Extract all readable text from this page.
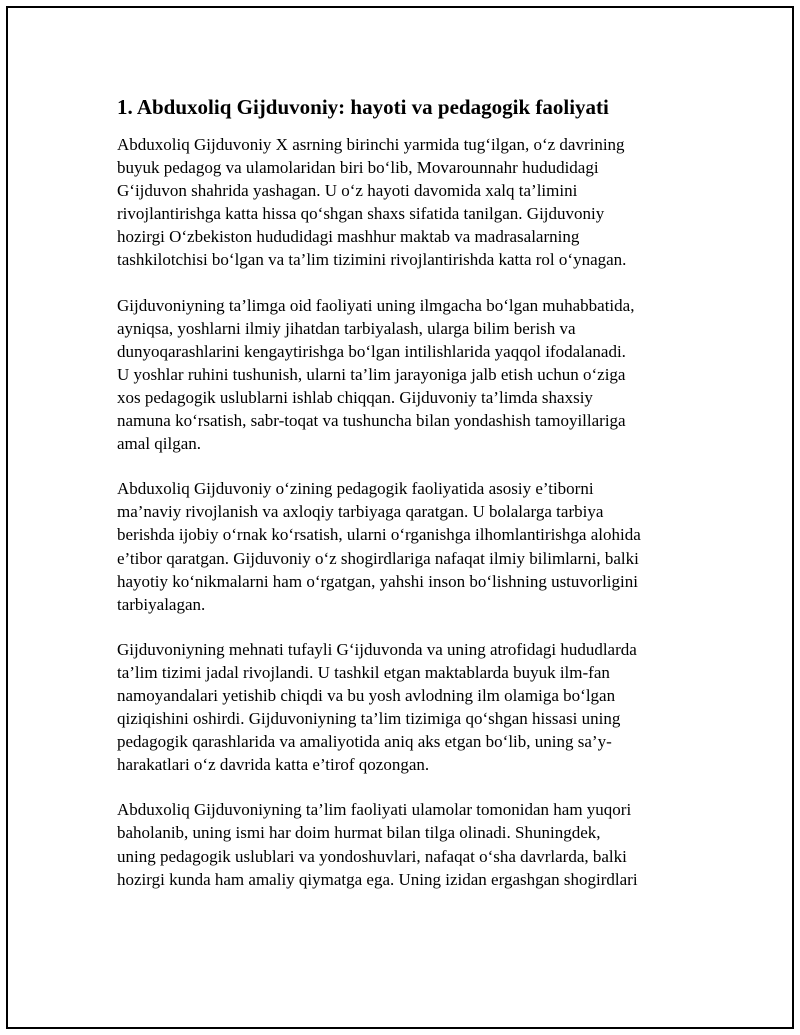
1. Abduxoliq Gijduvoniy: hayoti va pedagogik faoliyati
Abduxoliq Gijduvoniy X asrning birinchi yarmida tug‘ilgan, o‘z davrining
buyuk pedagog va ulamolaridan biri bo‘lib, Movarounnahr hududidagi
G‘ijduvon shahrida yashagan. U o‘z hayoti davomida xalq ta’limini
rivojlantirishga katta hissa qo‘shgan shaxs sifatida tanilgan. Gijduvoniy
hozirgi O‘zbekiston hududidagi mashhur maktab va madrasalarning
tashkilotchisi bo‘lgan va ta’lim tizimini rivojlantirishda katta rol o‘ynagan.
Gijduvoniyning ta’limga oid faoliyati uning ilmgacha bo‘lgan muhabbatida,
ayniqsa, yoshlarni ilmiy jihatdan tarbiyalash, ularga bilim berish va
dunyoqarashlarini kengaytirishga bo‘lgan intilishlarida yaqqol ifodalanadi.
U yoshlar ruhini tushunish, ularni ta’lim jarayoniga jalb etish uchun o‘ziga
xos pedagogik uslublarni ishlab chiqqan. Gijduvoniy ta’limda shaxsiy
namuna ko‘rsatish, sabr-toqat va tushuncha bilan yondashish tamoyillariga
amal qilgan.
Abduxoliq Gijduvoniy o‘zining pedagogik faoliyatida asosiy e’tiborni
ma’naviy rivojlanish va axloqiy tarbiyaga qaratgan. U bolalarga tarbiya
berishda ijobiy o‘rnak ko‘rsatish, ularni o‘rganishga ilhomlantirishga alohida
e’tibor qaratgan. Gijduvoniy o‘z shogirdlariga nafaqat ilmiy bilimlarni, balki
hayotiy ko‘nikmalarni ham o‘rgatgan, yahshi inson bo‘lishning ustuvorligini
tarbiyalagan.
Gijduvoniyning mehnati tufayli G‘ijduvonda va uning atrofidagi hududlarda
ta’lim tizimi jadal rivojlandi. U tashkil etgan maktablarda buyuk ilm-fan
namoyandalari yetishib chiqdi va bu yosh avlodning ilm olamiga bo‘lgan
qiziqishini oshirdi. Gijduvoniyning ta’lim tizimiga qo‘shgan hissasi uning
pedagogik qarashlarida va amaliyotida aniq aks etgan bo‘lib, uning sa’y-
harakatlari o‘z davrida katta e’tirof qozongan.
Abduxoliq Gijduvoniyning ta’lim faoliyati ulamolar tomonidan ham yuqori
baholanib, uning ismi har doim hurmat bilan tilga olinadi. Shuningdek,
uning pedagogik uslublari va yondoshuvlari, nafaqat o‘sha davrlarda, balki
hozirgi kunda ham amaliy qiymatga ega. Uning izidan ergashgan shogirdlari
